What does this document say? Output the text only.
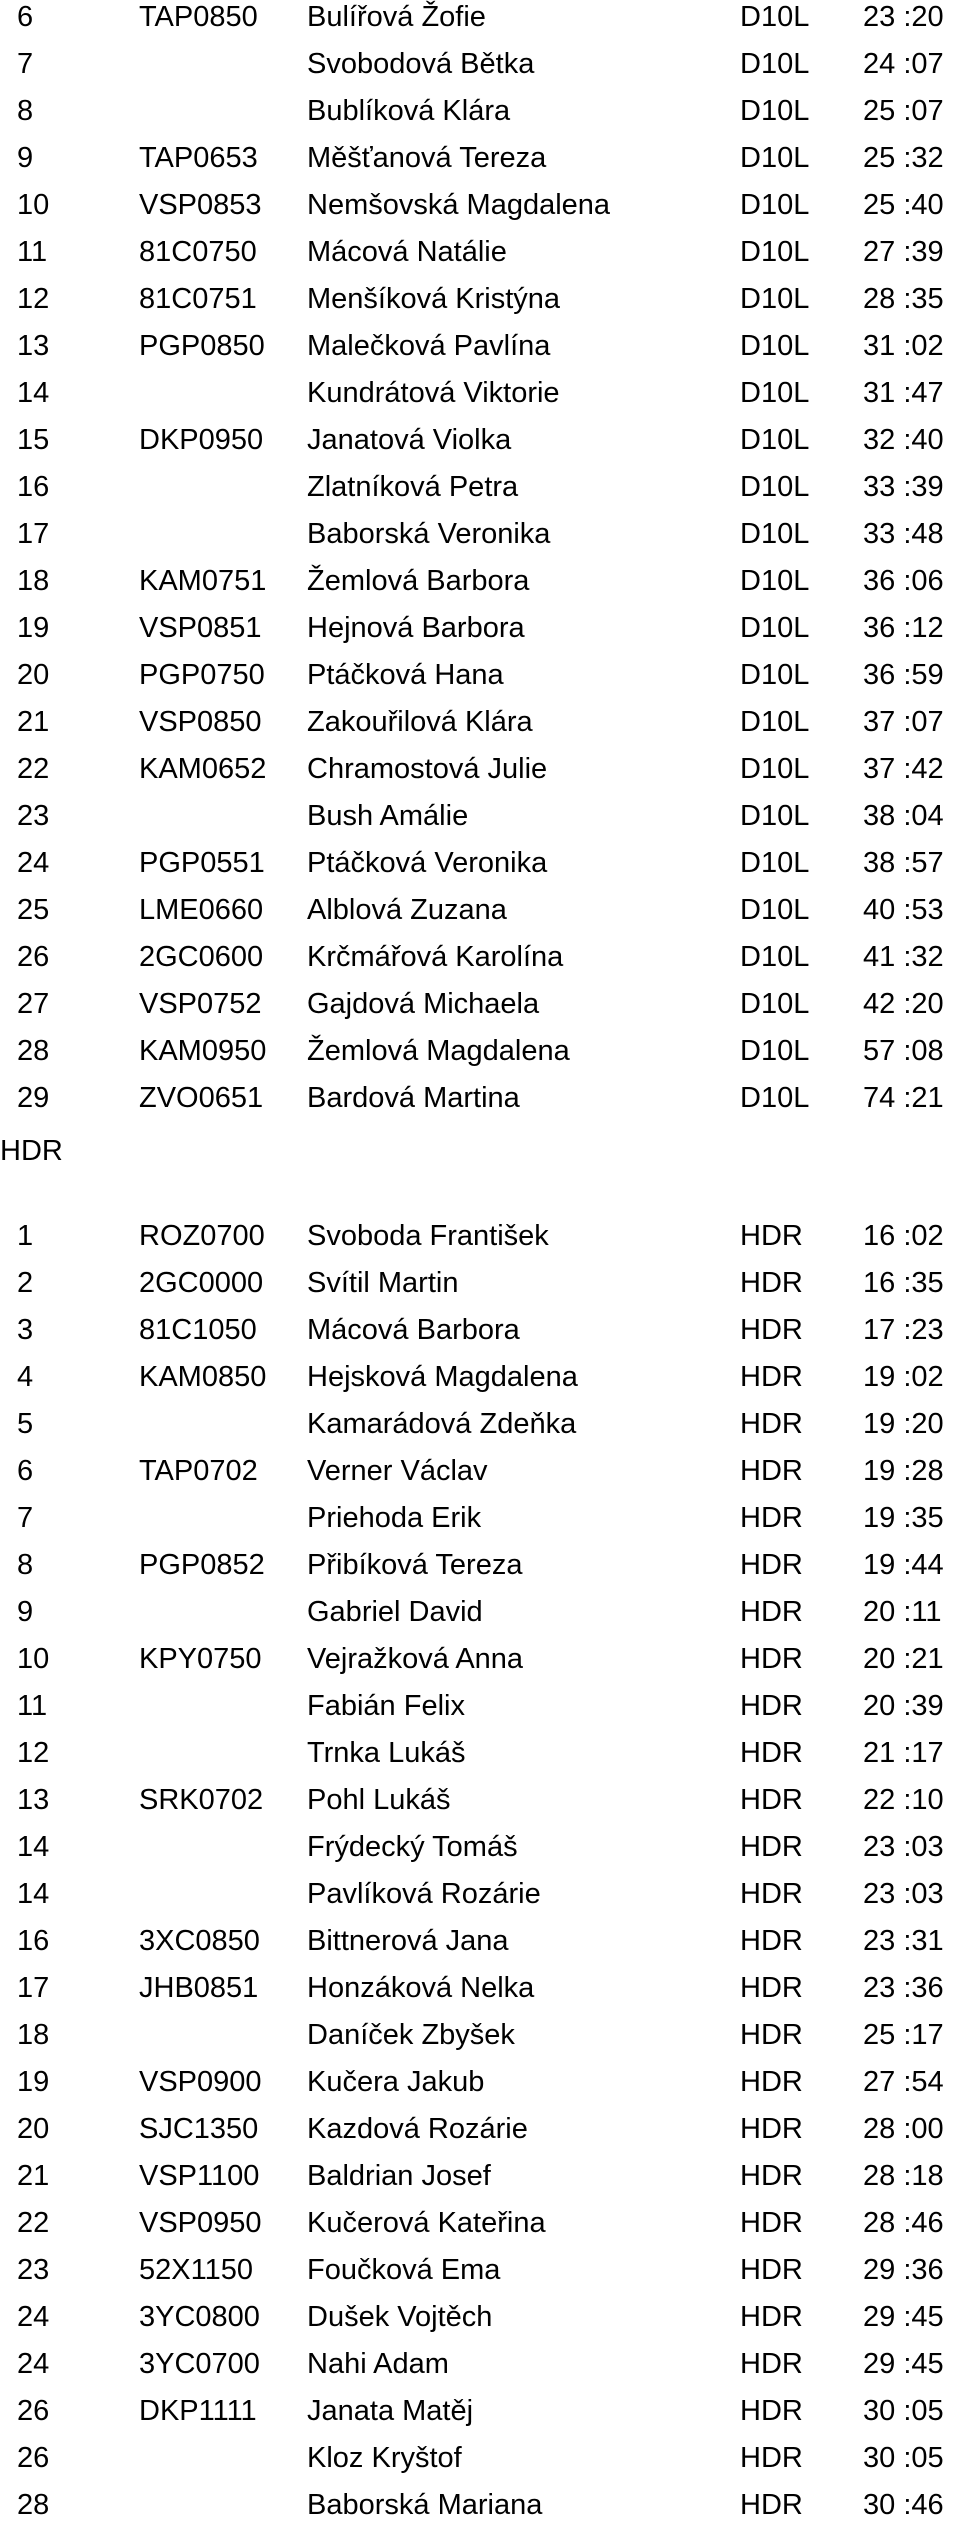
6	TAP0850 Bulířová Žofie	D10L 23 :20
7	Svobodová Bětka	D10L 24 :07
8	Bublíková Klára	D10L 25 :07
9	TAP0653 Měšťanová Tereza	D10L 25 :32
10	VSP0853 Nemšovská Magdalena	D10L 25 :40
11	81C0750 Mácová Natálie	D10L 27 :39
12	81C0751 Menšíková Kristýna	D10L 28 :35
13	PGP0850 Malečková Pavlína	D10L 31 :02
14	Kundrátová Viktorie	D10L 31 :47
15	DKP0950 Janatová Violka	D10L 32 :40
16	Zlatníková Petra	D10L 33 :39
17	Baborská Veronika	D10L 33 :48
18	KAM0751 Žemlová Barbora	D10L 36 :06
19	VSP0851 Hejnová Barbora	D10L 36 :12
20	PGP0750 Ptáčková Hana	D10L 36 :59
21	VSP0850 Zakouřilová Klára	D10L 37 :07
22	KAM0652 Chramostová Julie	D10L 37 :42
23	Bush Amálie	D10L 38 :04
24	PGP0551 Ptáčková Veronika	D10L 38 :57
25	LME0660 Alblová Zuzana	D10L 40 :53
26	2GC0600 Krčmářová Karolína	D10L 41 :32
27	VSP0752 Gajdová Michaela	D10L 42 :20
28	KAM0950 Žemlová Magdalena	D10L 57 :08
29	ZVO0651 Bardová Martina	D10L 74 :21
HDR
1	ROZ0700 Svoboda František	HDR 16 :02
2	2GC0000 Svítil Martin	HDR 16 :35
3	81C1050 Mácová Barbora	HDR 17 :23
4	KAM0850 Hejsková Magdalena	HDR 19 :02
5	Kamarádová Zdeňka	HDR 19 :20
6	TAP0702 Verner Václav	HDR 19 :28
7	Priehoda Erik	HDR 19 :35
8	PGP0852 Přibíková Tereza	HDR 19 :44
9	Gabriel David	HDR 20 :11
10	KPY0750 Vejražková Anna	HDR 20 :21
11	Fabián Felix	HDR 20 :39
12	Trnka Lukáš	HDR 21 :17
13	SRK0702 Pohl Lukáš	HDR 22 :10
14	Frýdecký Tomáš	HDR 23 :03
14	Pavlíková Rozárie	HDR 23 :03
16	3XC0850 Bittnerová Jana	HDR 23 :31
17	JHB0851 Honzáková Nelka	HDR 23 :36
18	Daníček Zbyšek	HDR 25 :17
19	VSP0900 Kučera Jakub	HDR 27 :54
20	SJC1350 Kazdová Rozárie	HDR 28 :00
21	VSP1100 Baldrian Josef	HDR 28 :18
22	VSP0950 Kučerová Kateřina	HDR 28 :46
23	52X1150 Foučková Ema	HDR 29 :36
24	3YC0800 Dušek Vojtěch	HDR 29 :45
24	3YC0700 Nahi Adam	HDR 29 :45
26	DKP1111 Janata Matěj	HDR 30 :05
26	Kloz Kryštof	HDR 30 :05
28	Baborská Mariana	HDR 30 :46
